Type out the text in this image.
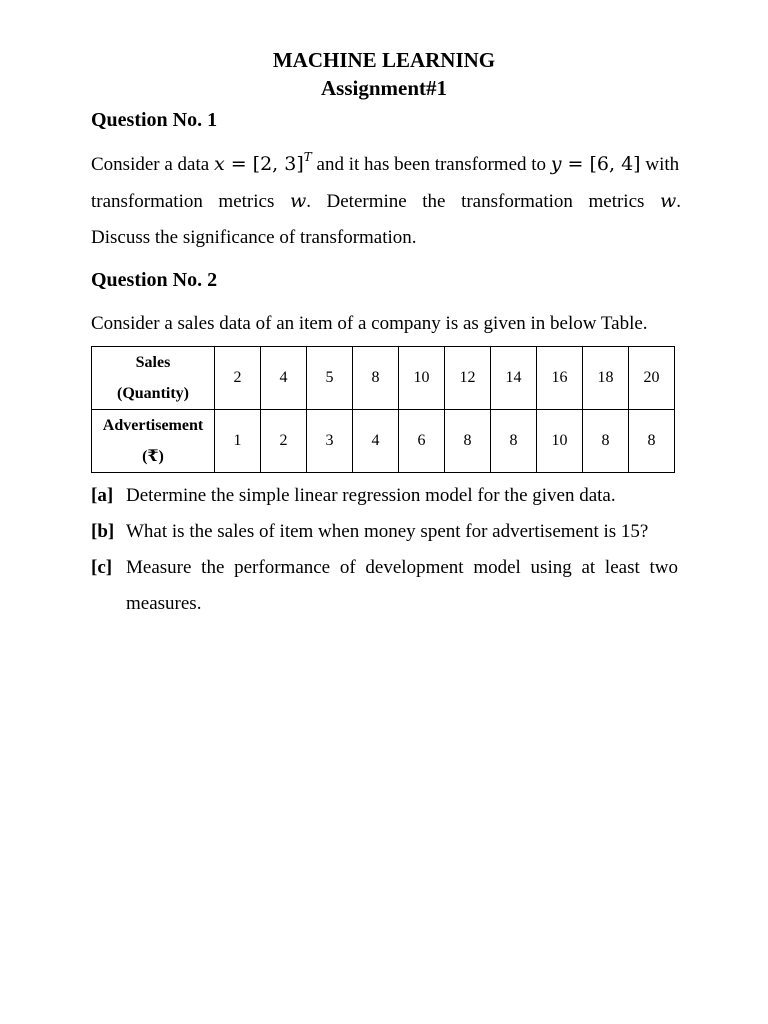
MACHINE LEARNING
Assignment#1
Question No. 1
Consider a data x = [2, 3]$^T$ and it has been transformed to y = [6, 4] with
transformation metrics w. Determine the transformation metrics w.
Discuss the significance of transformation.
Question No. 2
Consider a sales data of an item of a company is as given in below Table.
Sales
(Quantity)	2	4	5	8	10	12	14	16	18	20

Advertisement
(₹)	1	2	3	4	6	8	8	10	8	8
[a] Determine the simple linear regression model for the given data.
[b] What is the sales of item when money spent for advertisement is 15?
[c] Measure the performance of development model using at least two measures.
